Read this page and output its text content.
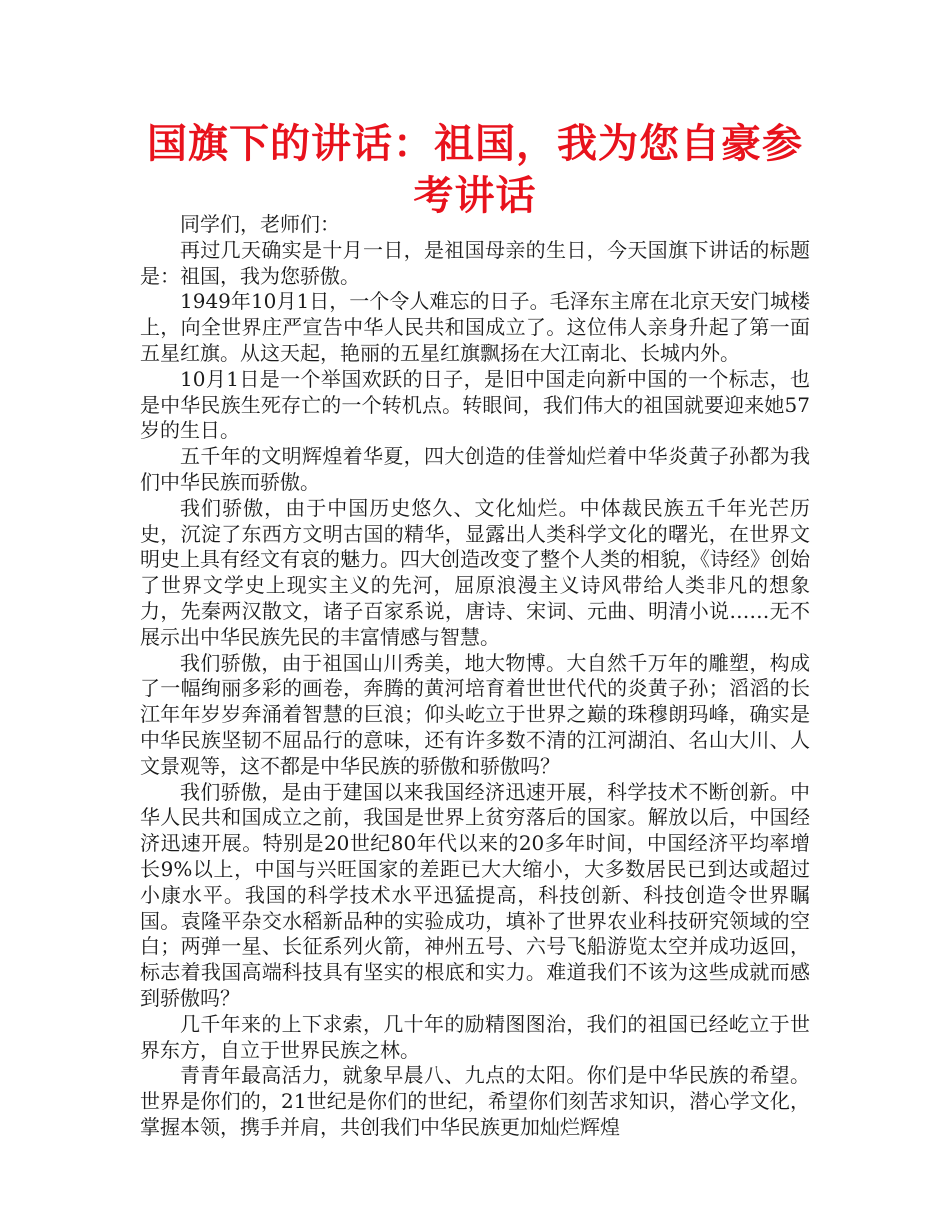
国旗下的讲话：祖国，我为您自豪参考讲话

同学们，老师们：

再过几天确实是十月一日，是祖国母亲的生日，今天国旗下讲话的标题是：祖国，我为您骄傲。

1949年10月1日，一个令人难忘的日子。毛泽东主席在北京天安门城楼上，向全世界庄严宣告中华人民共和国成立了。这位伟人亲身升起了第一面五星红旗。从这天起，艳丽的五星红旗飘扬在大江南北、长城内外。

10月1日是一个举国欢跃的日子，是旧中国走向新中国的一个标志，也是中华民族生死存亡的一个转机点。转眼间，我们伟大的祖国就要迎来她57岁的生日。

五千年的文明辉煌着华夏，四大创造的佳誉灿烂着中华炎黄子孙都为我们中华民族而骄傲。

我们骄傲，由于中国历史悠久、文化灿烂。中体裁民族五千年光芒历史，沉淀了东西方文明古国的精华，显露出人类科学文化的曙光，在世界文明史上具有经文有哀的魅力。四大创造改变了整个人类的相貌，《诗经》创始了世界文学史上现实主义的先河，屈原浪漫主义诗风带给人类非凡的想象力，先秦两汉散文，诸子百家系说，唐诗、宋词、元曲、明清小说……无不展示出中华民族先民的丰富情感与智慧。

我们骄傲，由于祖国山川秀美，地大物博。大自然千万年的雕塑，构成了一幅绚丽多彩的画卷，奔腾的黄河培育着世世代代的炎黄子孙；滔滔的长江年年岁岁奔涌着智慧的巨浪；仰头屹立于世界之巅的珠穆朗玛峰，确实是中华民族坚韧不屈品行的意味，还有许多数不清的江河湖泊、名山大川、人文景观等，这不都是中华民族的骄傲和骄傲吗？

我们骄傲，是由于建国以来我国经济迅速开展，科学技术不断创新。中华人民共和国成立之前，我国是世界上贫穷落后的国家。解放以后，中国经济迅速开展。特别是20世纪80年代以来的20多年时间，中国经济平均率增长9%以上，中国与兴旺国家的差距已大大缩小，大多数居民已到达或超过小康水平。我国的科学技术水平迅猛提高，科技创新、科技创造令世界瞩国。袁隆平杂交水稻新品种的实验成功，填补了世界农业科技研究领域的空白；两弹一星、长征系列火箭，神州五号、六号飞船游览太空并成功返回，标志着我国高端科技具有坚实的根底和实力。难道我们不该为这些成就而感到骄傲吗？

几千年来的上下求索，几十年的励精图图治，我们的祖国已经屹立于世界东方，自立于世界民族之林。

青青年最高活力，就象早晨八、九点的太阳。你们是中华民族的希望。世界是你们的，21世纪是你们的世纪，希望你们刻苦求知识，潜心学文化，掌握本领，携手并肩，共创我们中华民族更加灿烂辉煌
